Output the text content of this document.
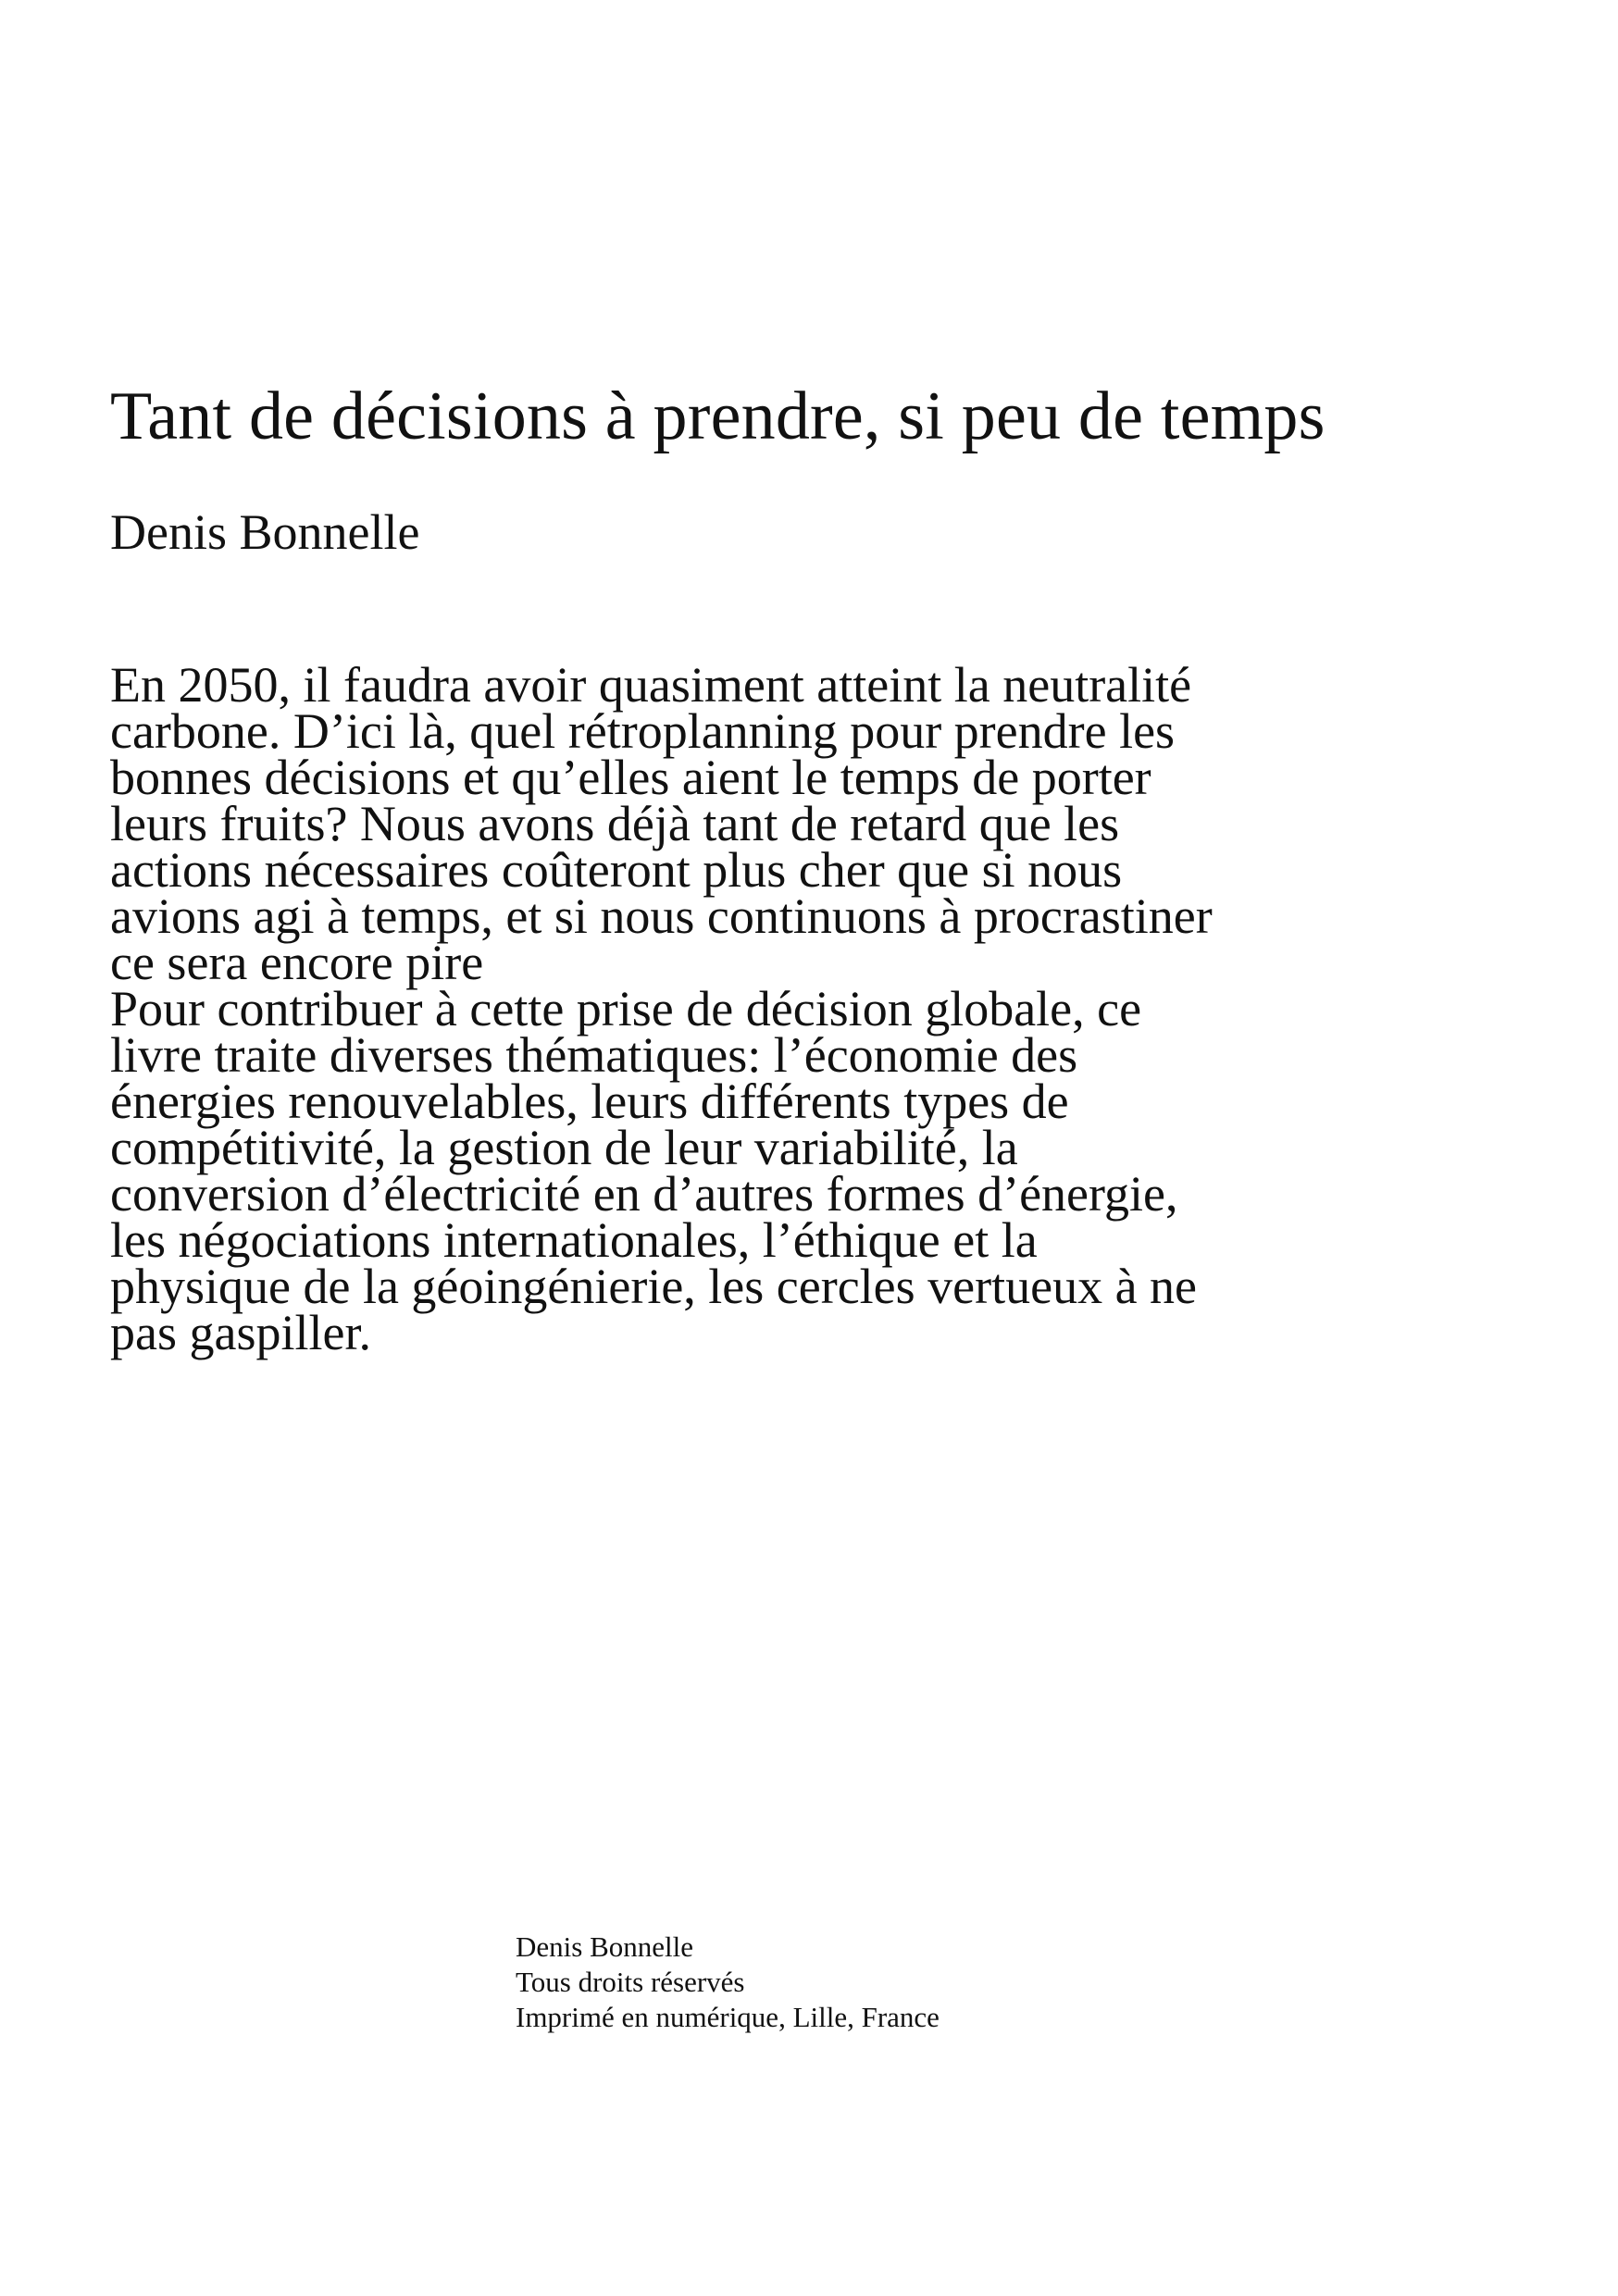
Tant de décisions à prendre, si peu de temps
Denis Bonnelle

En 2050, il faudra avoir quasiment atteint la neutralité carbone. D’ici là, quel rétroplanning pour prendre les bonnes décisions et qu’elles aient le temps de porter leurs fruits? Nous avons déjà tant de retard que les actions nécessaires coûteront plus cher que si nous avions agi à temps, et si nous continuons à procrastiner ce sera encore pire

Pour contribuer à cette prise de décision globale, ce livre traite diverses thématiques: l’économie des énergies renouvelables, leurs différents types de compétitivité, la gestion de leur variabilité, la conversion d’électricité en d’autres formes d’énergie, les négociations internationales, l’éthique et la physique de la géoingénierie, les cercles vertueux à ne pas gaspiller.

Denis Bonnelle
Tous droits réservés
Imprimé en numérique, Lille, France
